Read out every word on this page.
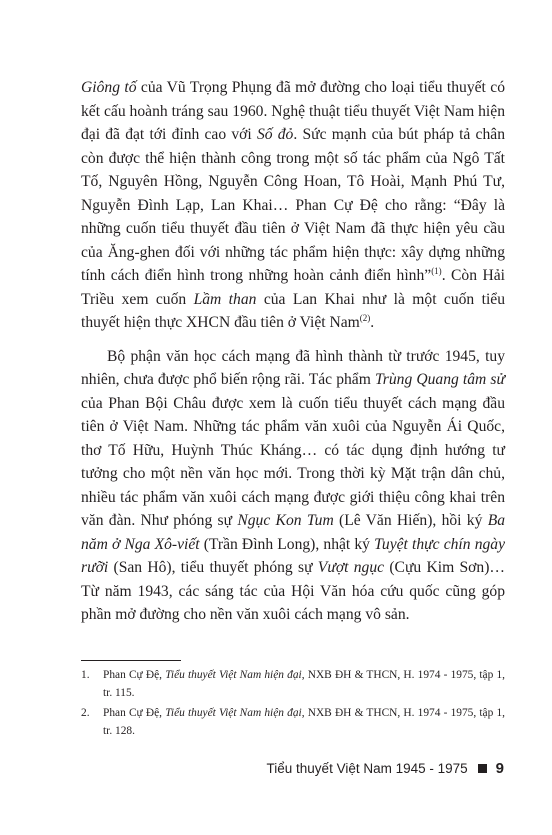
Giông tố của Vũ Trọng Phụng đã mở đường cho loại tiểu thuyết có kết cấu hoành tráng sau 1960. Nghệ thuật tiểu thuyết Việt Nam hiện đại đã đạt tới đỉnh cao với Số đỏ. Sức mạnh của bút pháp tả chân còn được thể hiện thành công trong một số tác phẩm của Ngô Tất Tố, Nguyên Hồng, Nguyễn Công Hoan, Tô Hoài, Mạnh Phú Tư, Nguyễn Đình Lạp, Lan Khai… Phan Cự Đệ cho rằng: “Đây là những cuốn tiểu thuyết đầu tiên ở Việt Nam đã thực hiện yêu cầu của Ăng-ghen đối với những tác phẩm hiện thực: xây dựng những tính cách điển hình trong những hoàn cảnh điển hình”$^{(1)}$. Còn Hải Triều xem cuốn Lầm than của Lan Khai như là một cuốn tiểu thuyết hiện thực XHCN đầu tiên ở Việt Nam$^{(2)}$.

Bộ phận văn học cách mạng đã hình thành từ trước 1945, tuy nhiên, chưa được phổ biến rộng rãi. Tác phẩm Trùng Quang tâm sử của Phan Bội Châu được xem là cuốn tiểu thuyết cách mạng đầu tiên ở Việt Nam. Những tác phẩm văn xuôi của Nguyễn Ái Quốc, thơ Tố Hữu, Huỳnh Thúc Kháng… có tác dụng định hướng tư tưởng cho một nền văn học mới. Trong thời kỳ Mặt trận dân chủ, nhiều tác phẩm văn xuôi cách mạng được giới thiệu công khai trên văn đàn. Như phóng sự Ngục Kon Tum (Lê Văn Hiến), hồi ký Ba năm ở Nga Xô-viết (Trần Đình Long), nhật ký Tuyệt thực chín ngày rưỡi (San Hô), tiểu thuyết phóng sự Vượt ngục (Cựu Kim Sơn)… Từ năm 1943, các sáng tác của Hội Văn hóa cứu quốc cũng góp phần mở đường cho nền văn xuôi cách mạng vô sản.

1. Phan Cự Đệ, Tiểu thuyết Việt Nam hiện đại, NXB ĐH & THCN, H. 1974 - 1975, tập 1, tr. 115.
2. Phan Cự Đệ, Tiểu thuyết Việt Nam hiện đại, NXB ĐH & THCN, H. 1974 - 1975, tập 1, tr. 128.
Tiểu thuyết Việt Nam 1945 - 1975 9
